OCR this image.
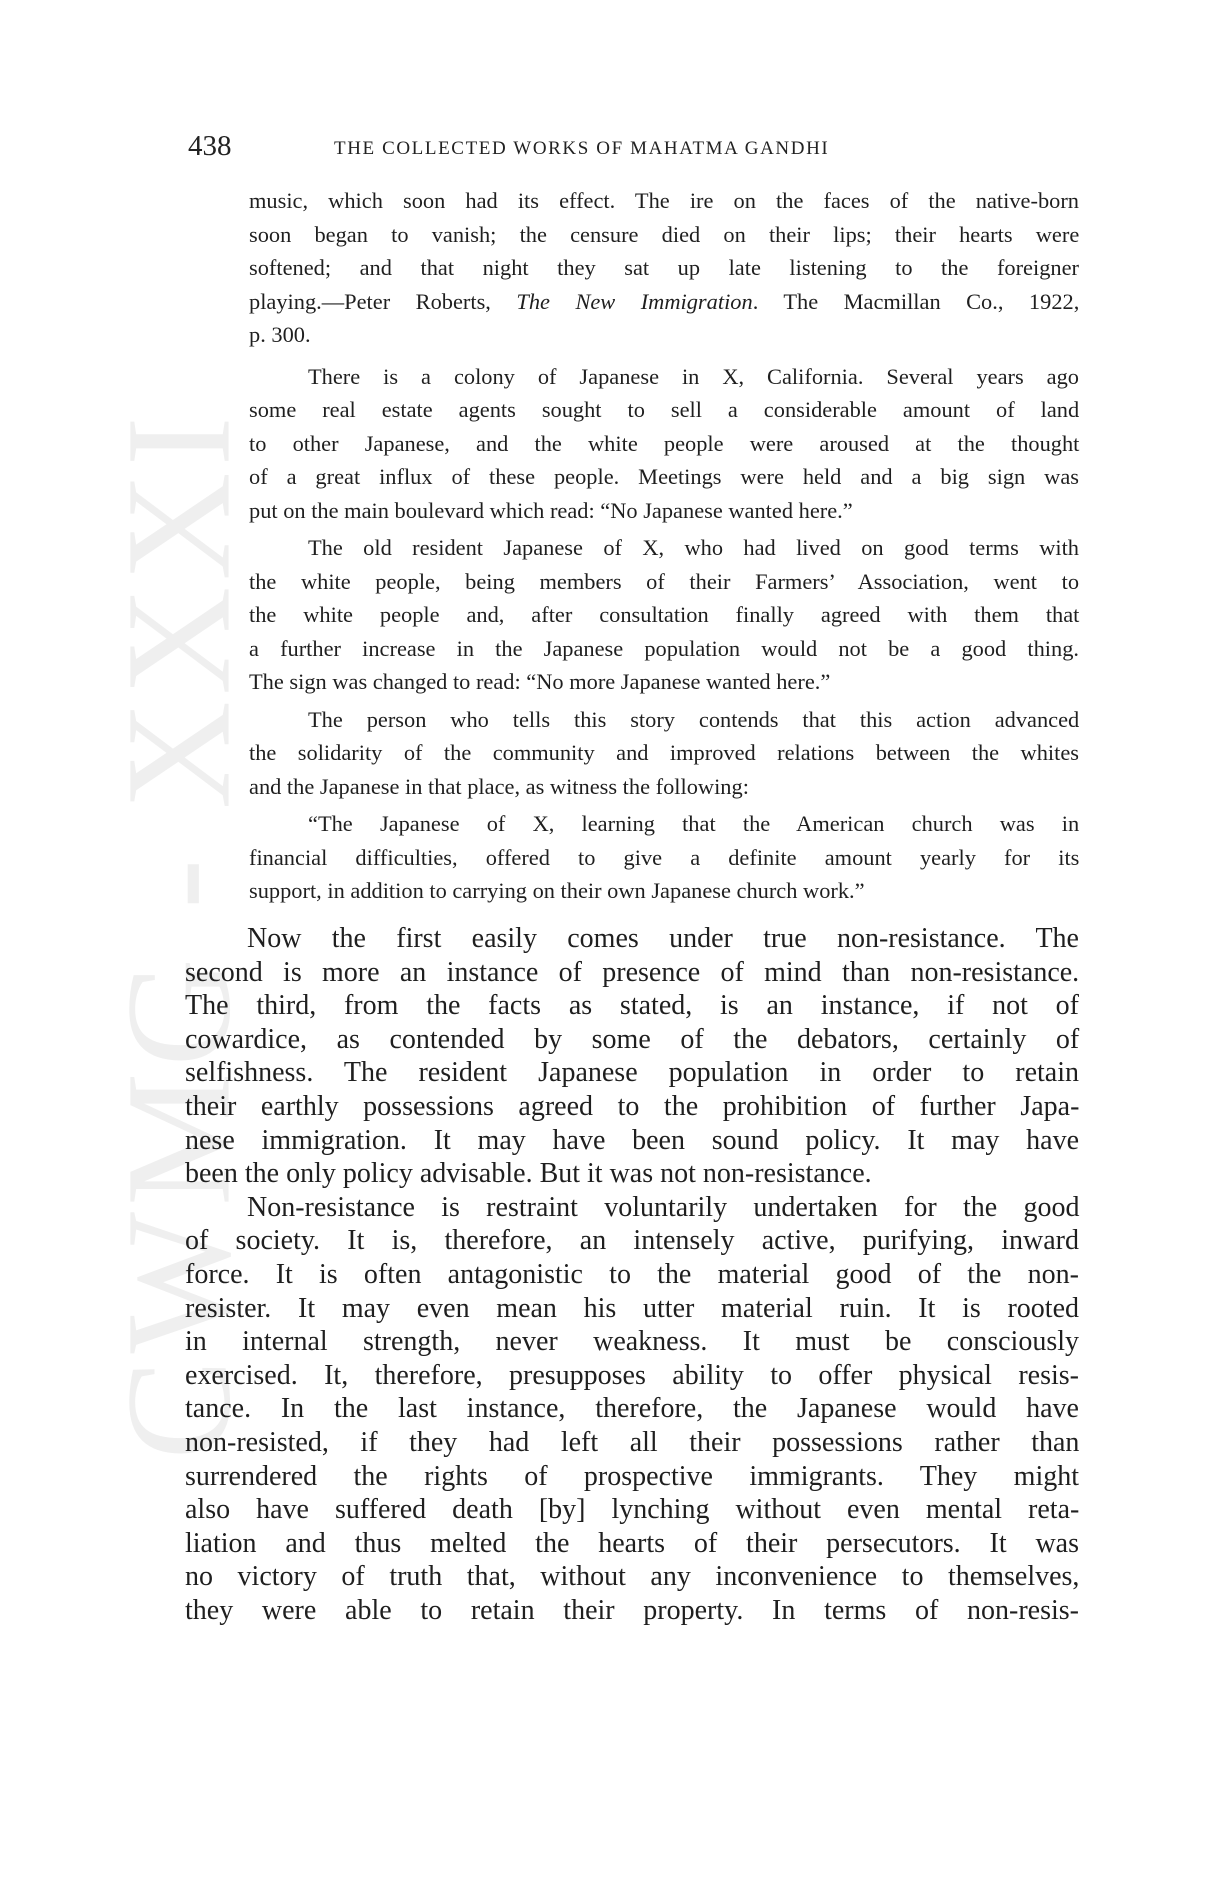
CWMG - XXXI
438	THE COLLECTED WORKS OF MAHATMA GANDHI

music, which soon had its effect. The ire on the faces of the native-born
soon began to vanish; the censure died on their lips; their hearts were
softened; and that night they sat up late listening to the foreigner
playing.—Peter Roberts, The New Immigration. The Macmillan Co., 1922,
p. 300.

There is a colony of Japanese in X, California. Several years ago
some real estate agents sought to sell a considerable amount of land
to other Japanese, and the white people were aroused at the thought
of a great influx of these people. Meetings were held and a big sign was
put on the main boulevard which read: “No Japanese wanted here.”

The old resident Japanese of X, who had lived on good terms with
the white people, being members of their Farmers’ Association, went to
the white people and, after consultation finally agreed with them that
a further increase in the Japanese population would not be a good thing.
The sign was changed to read: “No more Japanese wanted here.”

The person who tells this story contends that this action advanced
the solidarity of the community and improved relations between the whites
and the Japanese in that place, as witness the following:

“The Japanese of X, learning that the American church was in
financial difficulties, offered to give a definite amount yearly for its
support, in addition to carrying on their own Japanese church work.”

Now the first easily comes under true non-resistance. The
second is more an instance of presence of mind than non-resistance.
The third, from the facts as stated, is an instance, if not of
cowardice, as contended by some of the debators, certainly of
selfishness. The resident Japanese population in order to retain
their earthly possessions agreed to the prohibition of further Japa-
nese immigration. It may have been sound policy. It may have
been the only policy advisable. But it was not non-resistance.

Non-resistance is restraint voluntarily undertaken for the good
of society. It is, therefore, an intensely active, purifying, inward
force. It is often antagonistic to the material good of the non-
resister. It may even mean his utter material ruin. It is rooted
in internal strength, never weakness. It must be consciously
exercised. It, therefore, presupposes ability to offer physical resis-
tance. In the last instance, therefore, the Japanese would have
non-resisted, if they had left all their possessions rather than
surrendered the rights of prospective immigrants. They might
also have suffered death [by] lynching without even mental reta-
liation and thus melted the hearts of their persecutors. It was
no victory of truth that, without any inconvenience to themselves,
they were able to retain their property. In terms of non-resis-
